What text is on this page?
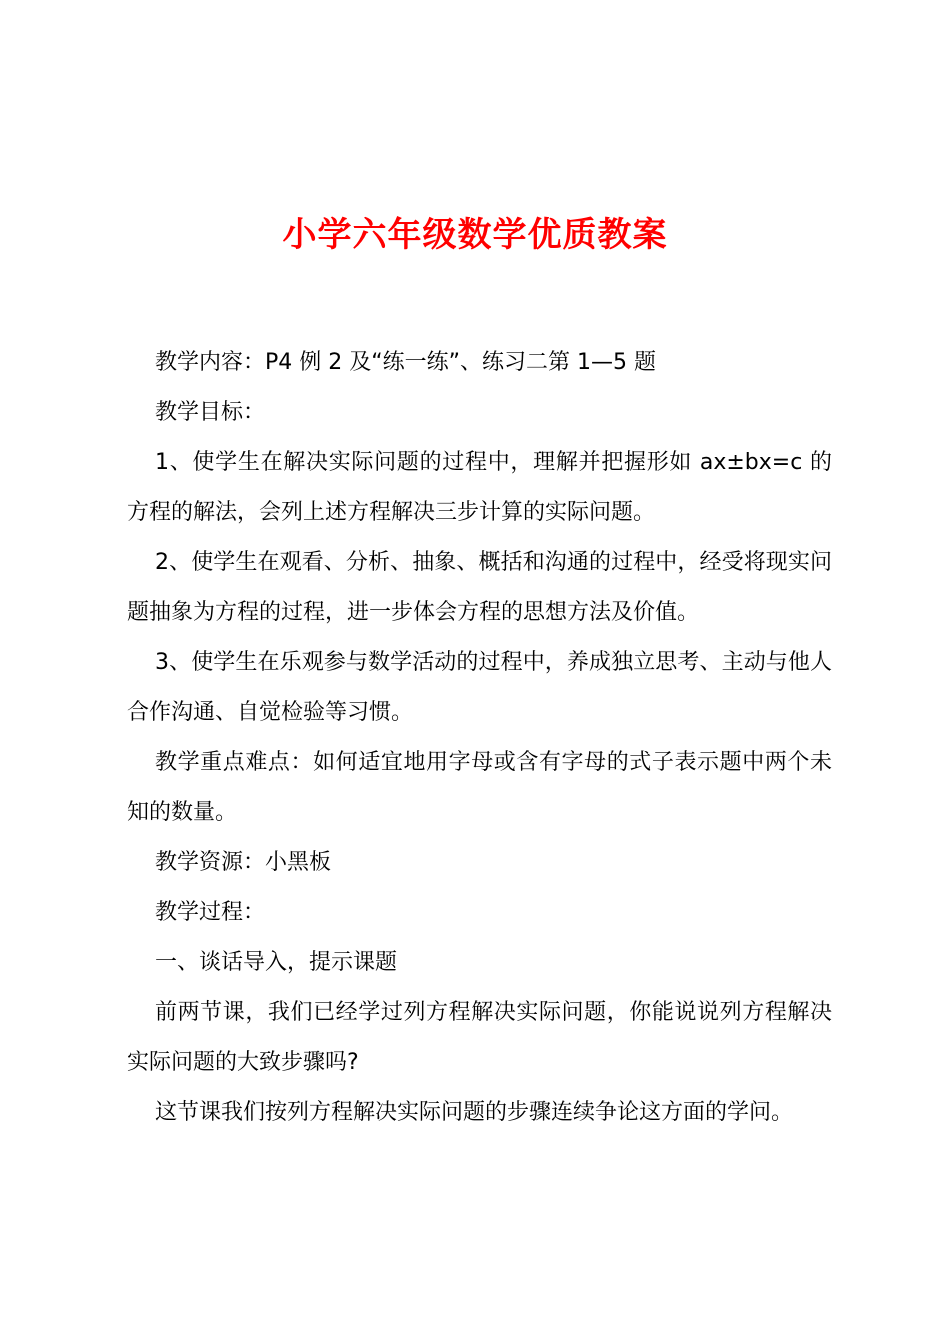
小学六年级数学优质教案

教学内容：P4 例 2 及“练一练”、练习二第 1—5 题

教学目标：

1、使学生在解决实际问题的过程中，理解并把握形如 ax±bx=c 的方程的解法，会列上述方程解决三步计算的实际问题。

2、使学生在观看、分析、抽象、概括和沟通的过程中，经受将现实问题抽象为方程的过程，进一步体会方程的思想方法及价值。

3、使学生在乐观参与数学活动的过程中，养成独立思考、主动与他人合作沟通、自觉检验等习惯。

教学重点难点：如何适宜地用字母或含有字母的式子表示题中两个未知的数量。

教学资源：小黑板

教学过程：

一、谈话导入，提示课题

前两节课，我们已经学过列方程解决实际问题，你能说说列方程解决实际问题的大致步骤吗?

这节课我们按列方程解决实际问题的步骤连续争论这方面的学问。
